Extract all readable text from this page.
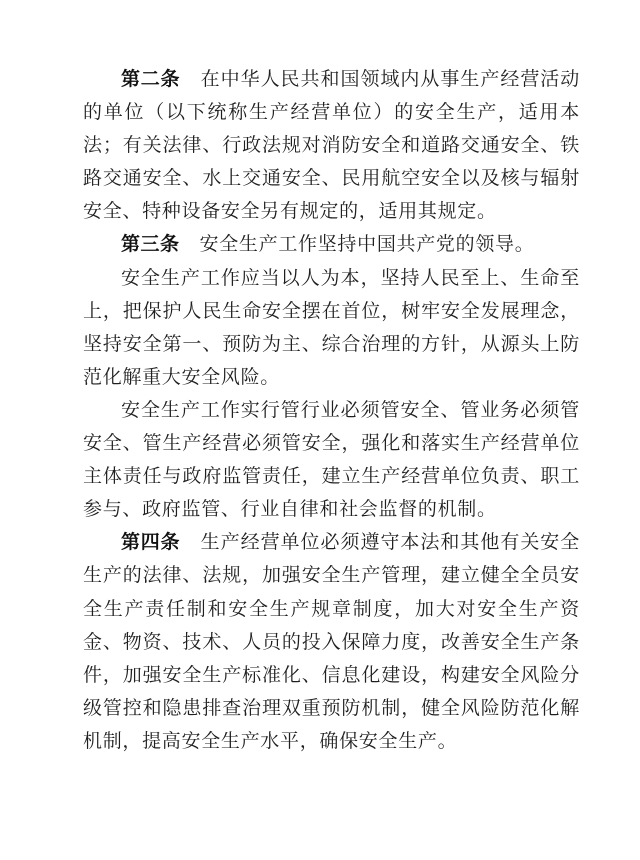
第二条 在中华人民共和国领域内从事生产经营活动的单位（以下统称生产经营单位）的安全生产，适用本法；有关法律、行政法规对消防安全和道路交通安全、铁路交通安全、水上交通安全、民用航空安全以及核与辐射安全、特种设备安全另有规定的，适用其规定。

第三条 安全生产工作坚持中国共产党的领导。

安全生产工作应当以人为本，坚持人民至上、生命至上，把保护人民生命安全摆在首位，树牢安全发展理念，坚持安全第一、预防为主、综合治理的方针，从源头上防范化解重大安全风险。

安全生产工作实行管行业必须管安全、管业务必须管安全、管生产经营必须管安全，强化和落实生产经营单位主体责任与政府监管责任，建立生产经营单位负责、职工参与、政府监管、行业自律和社会监督的机制。

第四条 生产经营单位必须遵守本法和其他有关安全生产的法律、法规，加强安全生产管理，建立健全全员安全生产责任制和安全生产规章制度，加大对安全生产资金、物资、技术、人员的投入保障力度，改善安全生产条件，加强安全生产标准化、信息化建设，构建安全风险分级管控和隐患排查治理双重预防机制，健全风险防范化解机制，提高安全生产水平，确保安全生产。
